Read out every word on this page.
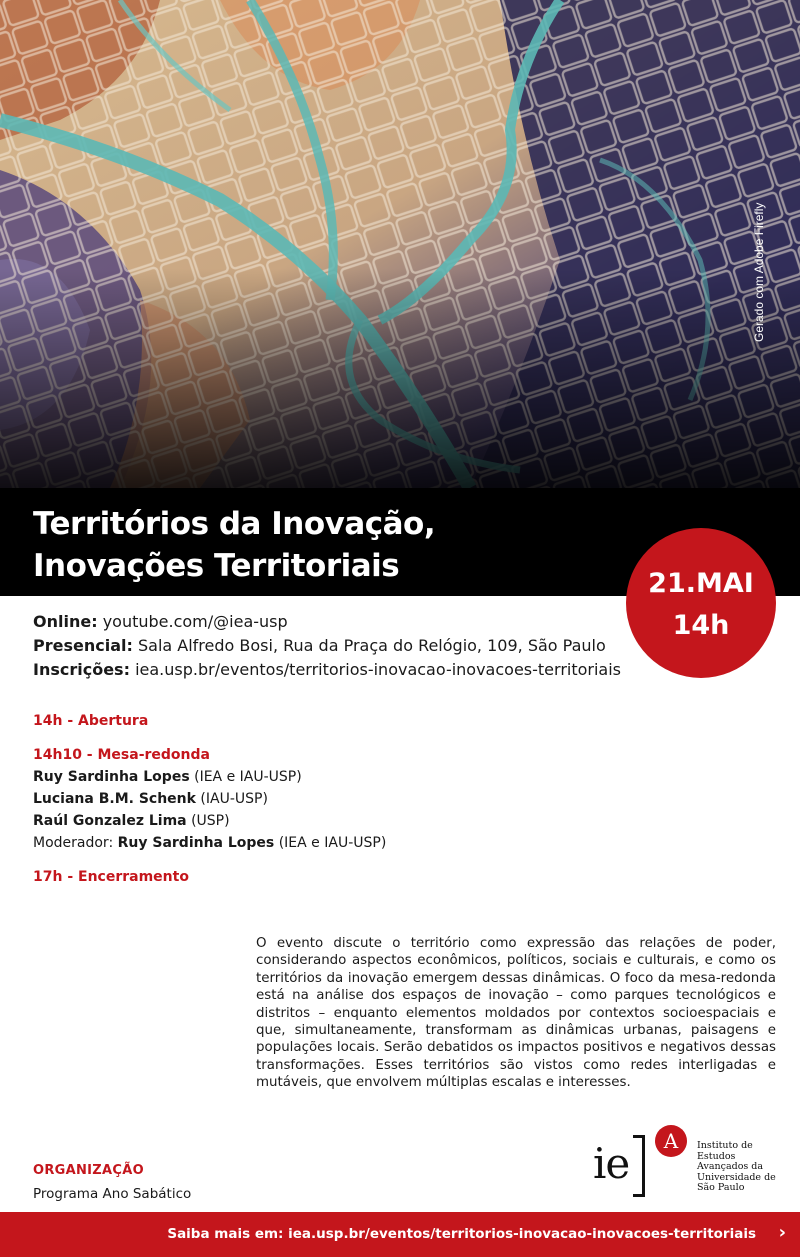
Gerado com Adobe Firefly
Territórios da Inovação,
Inovações Territoriais	21.MAI
14h
Online: youtube.com/@iea-usp
Presencial: Sala Alfredo Bosi, Rua da Praça do Relógio, 109, São Paulo
Inscrições: iea.usp.br/eventos/territorios-inovacao-inovacoes-territoriais
14h - Abertura
14h10 - Mesa-redonda
Ruy Sardinha Lopes (IEA e IAU-USP)
Luciana B.M. Schenk (IAU-USP)
Raúl Gonzalez Lima (USP)
Moderador: Ruy Sardinha Lopes (IEA e IAU-USP)
17h - Encerramento
O evento discute o território como expressão das relações de poder, considerando aspectos econômicos, políticos, sociais e culturais, e como os territórios da inovação emergem dessas dinâmicas. O foco da mesa-redonda está na análise dos espaços de inovação – como parques tecnológicos e distritos – enquanto elementos moldados por contextos socioespaciais e que, simultaneamente, transformam as dinâmicas urbanas, paisagens e populações locais. Serão debatidos os impactos positivos e negativos dessas transformações. Esses territórios são vistos como redes interligadas e mutáveis, que envolvem múltiplas escalas e interesses.
ORGANIZAÇÃO
Programa Ano Sabático
ie	A	Instituto de
Estudos
Avançados da
Universidade de
São Paulo
Saiba mais em: iea.usp.br/eventos/territorios-inovacao-inovacoes-territoriais ›
